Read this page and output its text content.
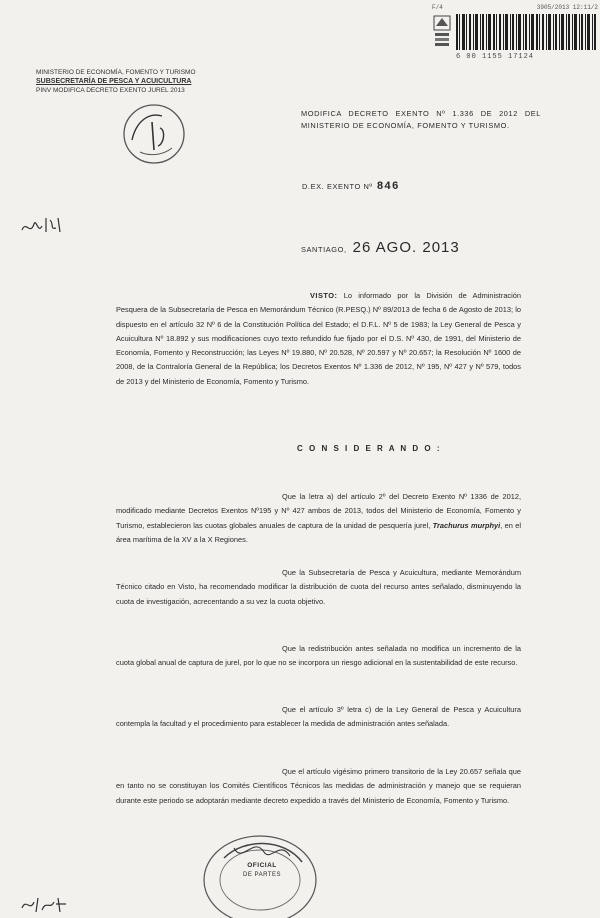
F/4	3905/2013 12:11/2
6 00 1155 17124
MINISTERIO DE ECONOMÍA, FOMENTO Y TURISMO
SUBSECRETARÍA DE PESCA Y ACUICULTURA
PINV MODIFICA DECRETO EXENTO JUREL 2013
MODIFICA DECRETO EXENTO Nº 1.336 DE 2012 DEL MINISTERIO DE ECONOMÍA, FOMENTO Y TURISMO.
D.EX. EXENTO Nº 846
SANTIAGO, 26 AGO. 2013
VISTO: Lo informado por la División de Administración Pesquera de la Subsecretaría de Pesca en Memorándum Técnico (R.PESQ.) Nº 89/2013 de fecha 6 de Agosto de 2013; lo dispuesto en el artículo 32 Nº 6 de la Constitución Política del Estado; el D.F.L. Nº 5 de 1983; la Ley General de Pesca y Acuicultura Nº 18.892 y sus modificaciones cuyo texto refundido fue fijado por el D.S. Nº 430, de 1991, del Ministerio de Economía, Fomento y Reconstrucción; las Leyes Nº 19.880, Nº 20.528, Nº 20.597 y Nº 20.657; la Resolución Nº 1600 de 2008, de la Contraloría General de la República; los Decretos Exentos Nº 1.336 de 2012, Nº 195, Nº 427 y Nº 579, todos de 2013 y del Ministerio de Economía, Fomento y Turismo.
C O N S I D E R A N D O :
Que la letra a) del artículo 2º del Decreto Exento Nº 1336 de 2012, modificado mediante Decretos Exentos Nº195 y Nº 427 ambos de 2013, todos del Ministerio de Economía, Fomento y Turismo, establecieron las cuotas globales anuales de captura de la unidad de pesquería jurel, Trachurus murphyi, en el área marítima de la XV a la X Regiones.
Que la Subsecretaría de Pesca y Acuicultura, mediante Memorándum Técnico citado en Visto, ha recomendado modificar la distribución de cuota del recurso antes señalado, disminuyendo la cuota de investigación, acrecentando a su vez la cuota objetivo.
Que la redistribución antes señalada no modifica un incremento de la cuota global anual de captura de jurel, por lo que no se incorpora un riesgo adicional en la sustentabilidad de este recurso.
Que el artículo 3º letra c) de la Ley General de Pesca y Acuicultura contempla la facultad y el procedimiento para establecer la medida de administración antes señalada.
Que el artículo vigésimo primero transitorio de la Ley 20.657 señala que en tanto no se constituyan los Comités Científicos Técnicos las medidas de administración y manejo que se requieran durante este periodo se adoptarán mediante decreto expedido a través del Ministerio de Economía, Fomento y Turismo.
OFICIAL
DE PARTES
